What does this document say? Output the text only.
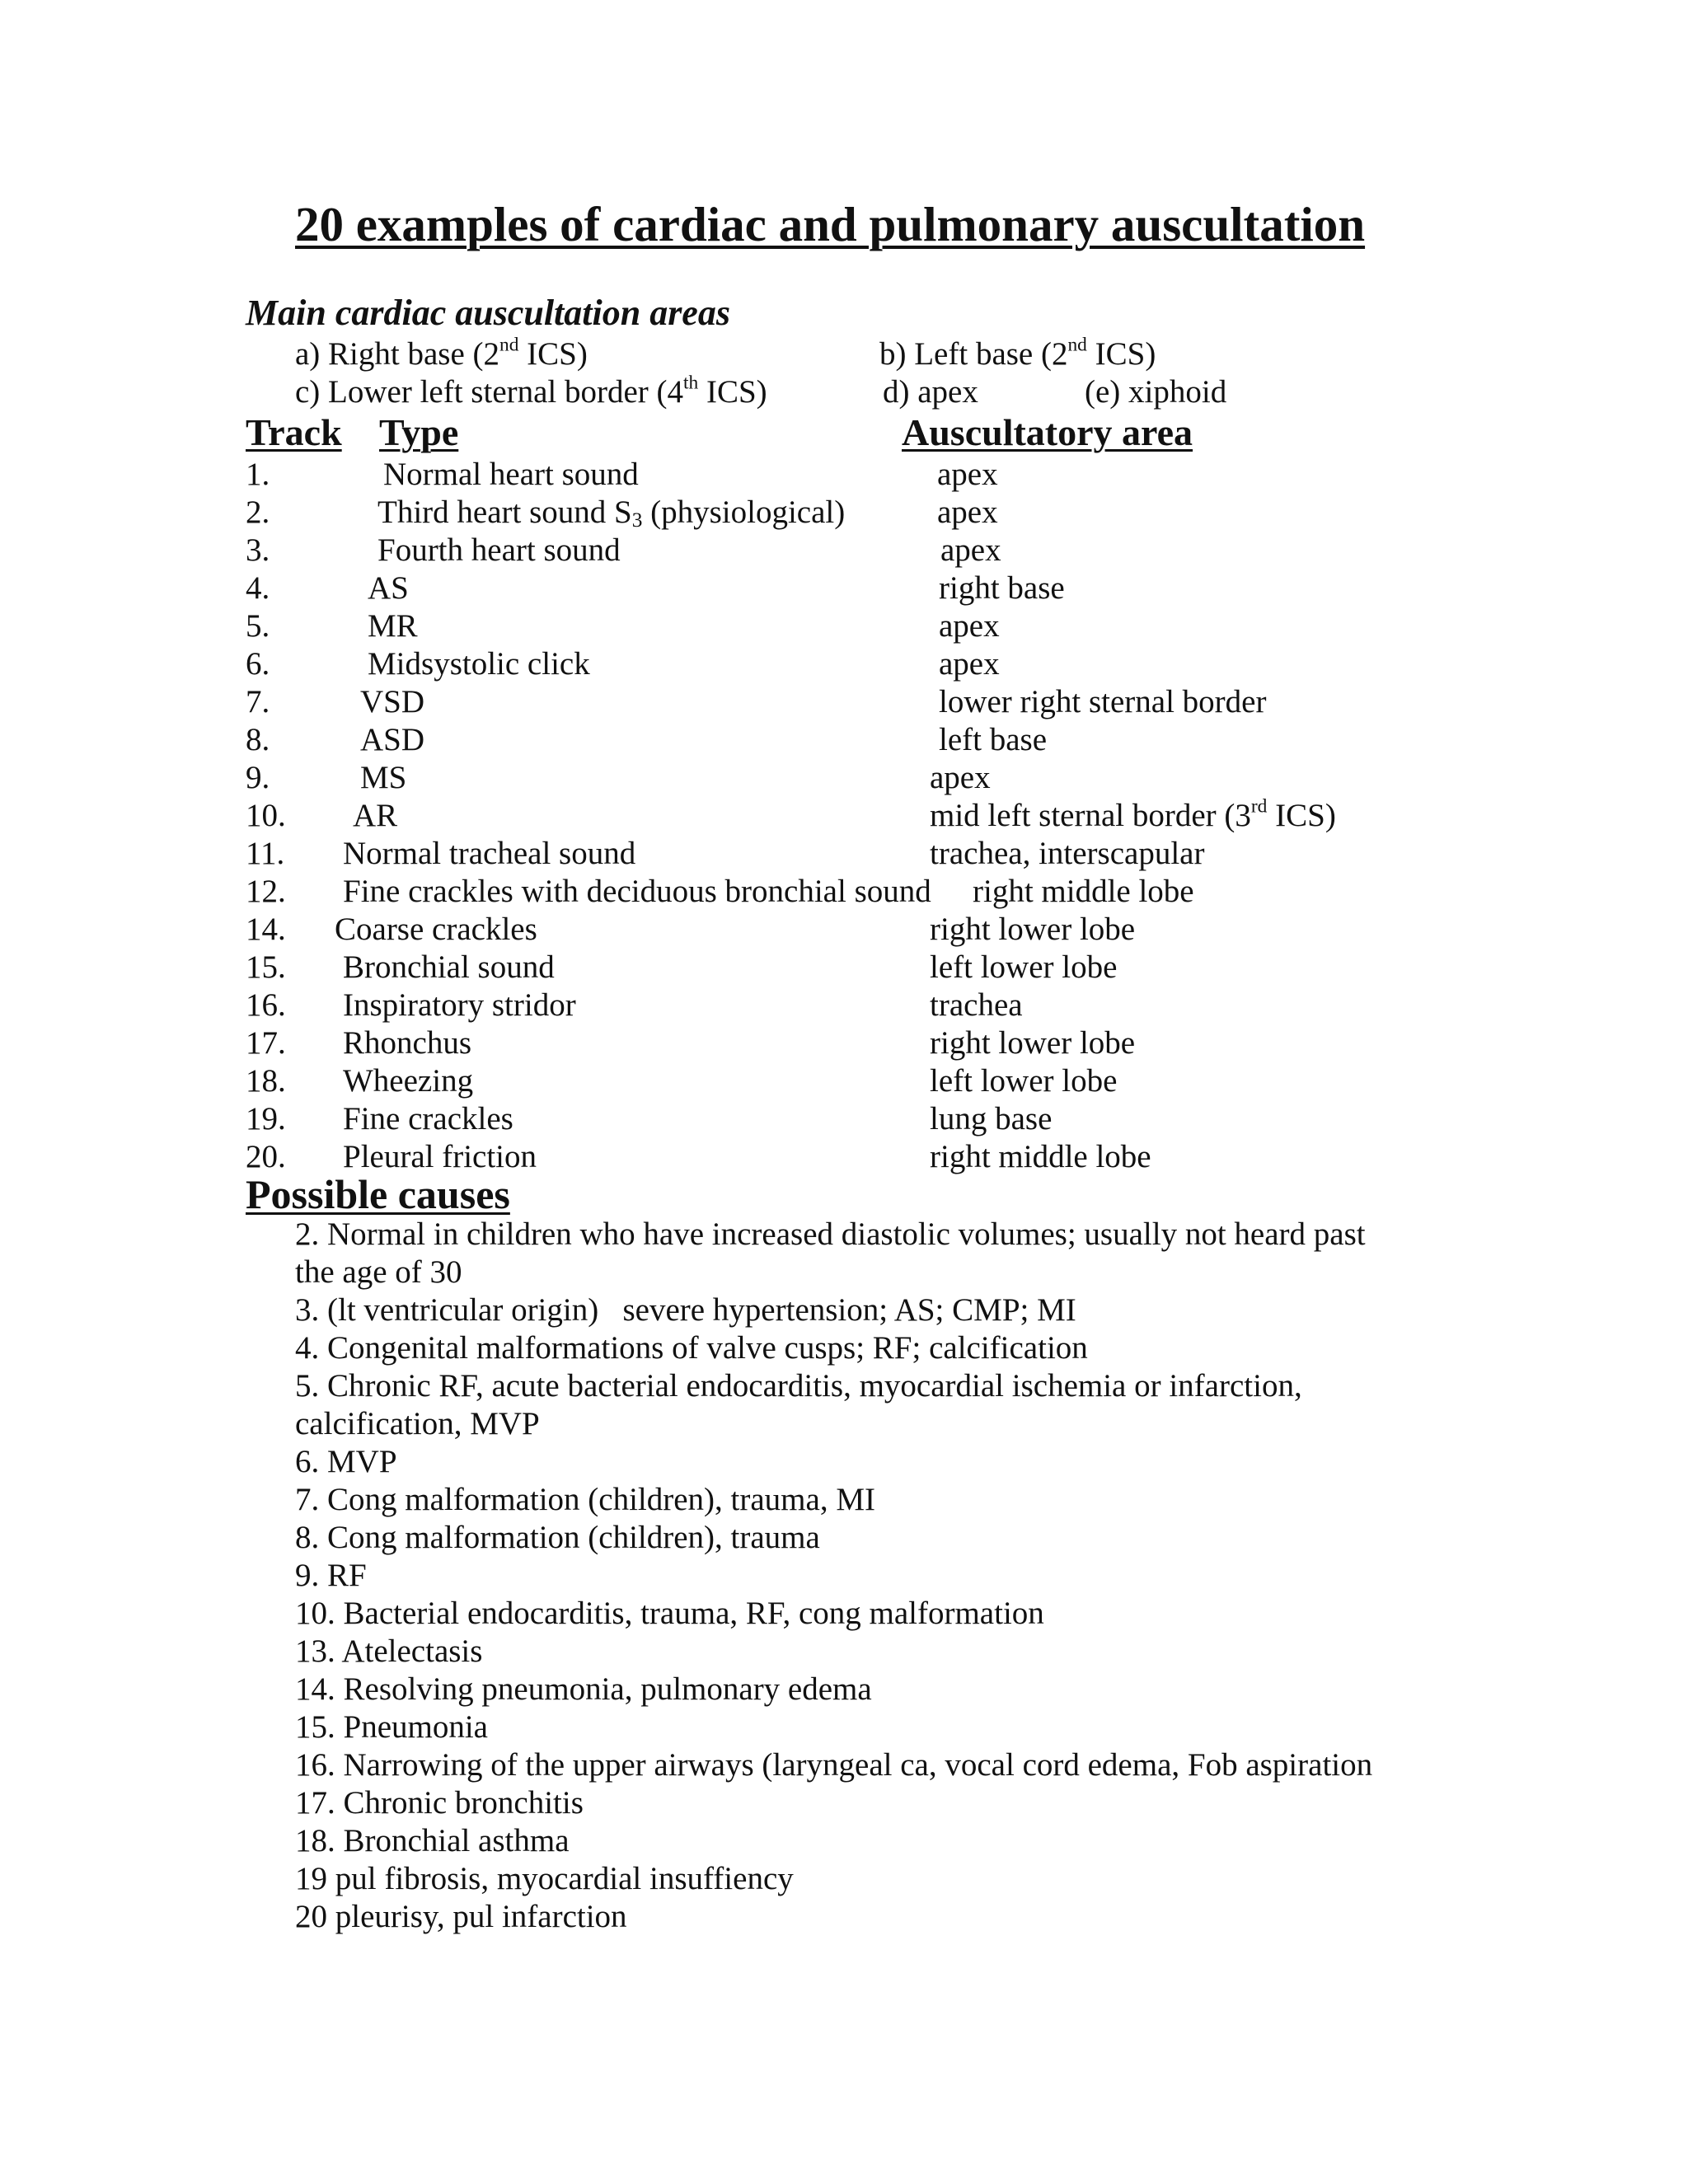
20 examples of cardiac and pulmonary auscultation
Main cardiac auscultation areas
a) Right base (2nd ICS)	b) Left base (2nd ICS)
c) Lower left sternal border (4th ICS)	d) apex	(e) xiphoid
Track Type	Auscultatory area
1.	Normal heart sound	apex
2.	Third heart sound $S_3$ (physiological)	apex
3.	Fourth heart sound	apex
4.	AS	right base
5.	MR	apex
6.	Midsystolic click	apex
7.	VSD	lower right sternal border
8.	ASD	left base
9.	MS	apex
10. AR	mid left sternal border (3rd ICS)
11. Normal tracheal sound	trachea, interscapular
12. Fine crackles with deciduous bronchial sound right middle lobe
14. Coarse crackles	right lower lobe
15. Bronchial sound	left lower lobe
16. Inspiratory stridor	trachea
17. Rhonchus	right lower lobe
18. Wheezing	left lower lobe
19. Fine crackles	lung base
20. Pleural friction	right middle lobe
Possible causes
2. Normal in children who have increased diastolic volumes; usually not heard past
the age of 30
3. (lt ventricular origin)   severe hypertension; AS; CMP; MI
4. Congenital malformations of valve cusps; RF; calcification
5. Chronic RF, acute bacterial endocarditis, myocardial ischemia or infarction,
calcification, MVP
6. MVP
7. Cong malformation (children), trauma, MI
8. Cong malformation (children), trauma
9. RF
10. Bacterial endocarditis, trauma, RF, cong malformation
13. Atelectasis
14. Resolving pneumonia, pulmonary edema
15. Pneumonia
16. Narrowing of the upper airways (laryngeal ca, vocal cord edema, Fob aspiration
17. Chronic bronchitis
18. Bronchial asthma
19 pul fibrosis, myocardial insuffiency
20 pleurisy, pul infarction
